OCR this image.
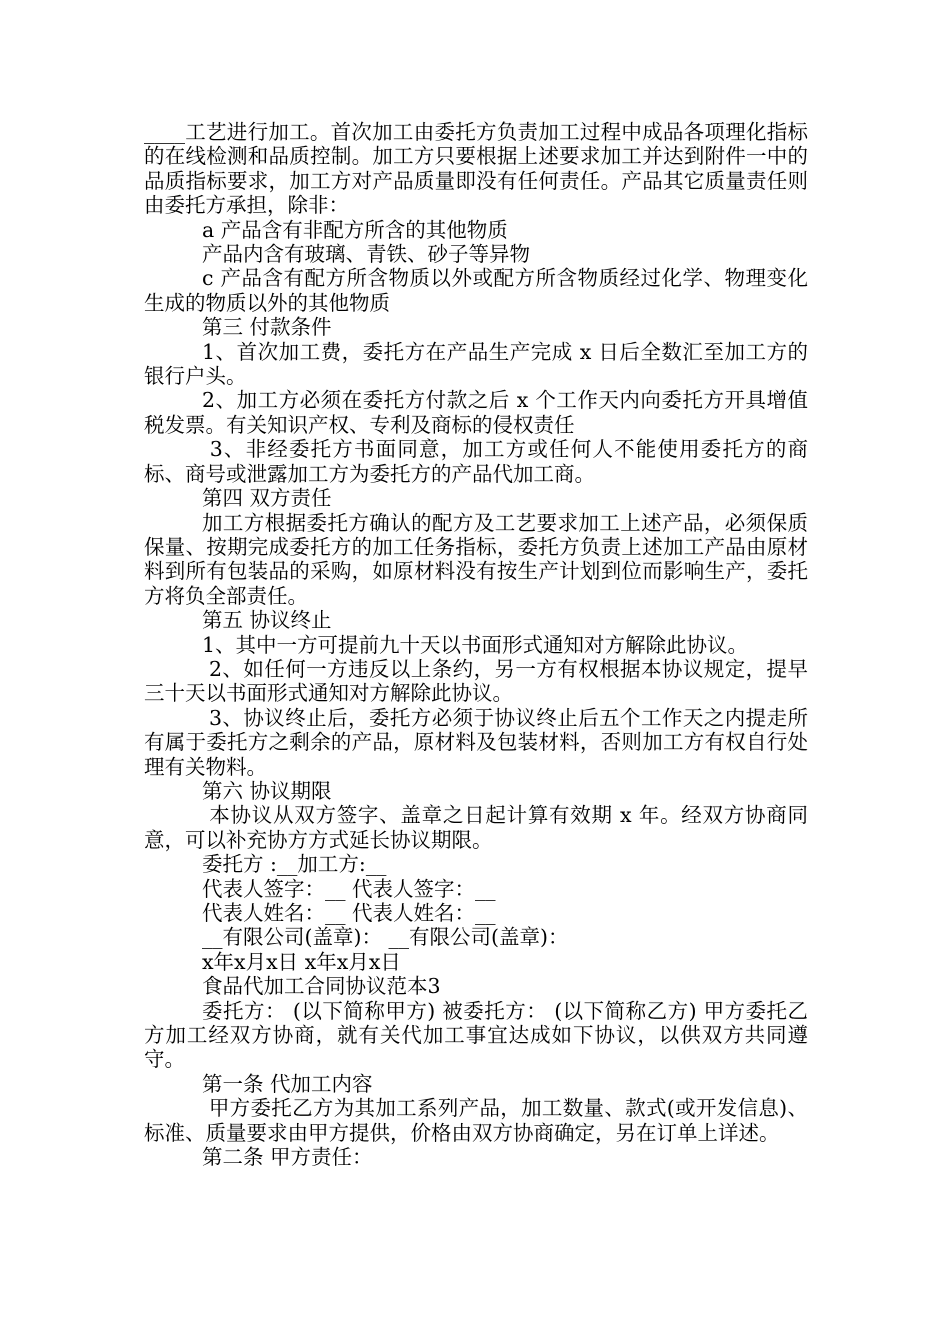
____工艺进行加工。首次加工由委托方负责加工过程中成品各项理化指标的在线检测和品质控制。加工方只要根据上述要求加工并达到附件一中的品质指标要求，加工方对产品质量即没有任何责任。产品其它质量责任则由委托方承担，除非：

a 产品含有非配方所含的其他物质

产品内含有玻璃、青铁、砂子等异物

c 产品含有配方所含物质以外或配方所含物质经过化学、物理变化生成的物质以外的其他物质

第三 付款条件

1、首次加工费，委托方在产品生产完成 x 日后全数汇至加工方的银行户头。

2、加工方必须在委托方付款之后 x 个工作天内向委托方开具增值税发票。有关知识产权、专利及商标的侵权责任

3、非经委托方书面同意，加工方或任何人不能使用委托方的商标、商号或泄露加工方为委托方的产品代加工商。

第四 双方责任

加工方根据委托方确认的配方及工艺要求加工上述产品，必须保质保量、按期完成委托方的加工任务指标，委托方负责上述加工产品由原材料到所有包装品的采购，如原材料没有按生产计划到位而影响生产，委托方将负全部责任。

第五 协议终止

1、其中一方可提前九十天以书面形式通知对方解除此协议。

2、如任何一方违反以上条约，另一方有权根据本协议规定，提早三十天以书面形式通知对方解除此协议。

3、协议终止后，委托方必须于协议终止后五个工作天之内提走所有属于委托方之剩余的产品，原材料及包装材料，否则加工方有权自行处理有关物料。

第六 协议期限

本协议从双方签字、盖章之日起计算有效期 x 年。经双方协商同意，可以补充协方方式延长协议期限。

委托方 :__加工方:__

代表人签字：__ 代表人签字：__

代表人姓名：__ 代表人姓名：__

__有限公司(盖章)： __有限公司(盖章)：

x年x月x日 x年x月x日

食品代加工合同协议范本3

委托方： (以下简称甲方) 被委托方： (以下简称乙方) 甲方委托乙方加工经双方协商，就有关代加工事宜达成如下协议，以供双方共同遵守。

第一条 代加工内容

甲方委托乙方为其加工系列产品，加工数量、款式(或开发信息)、标准、质量要求由甲方提供，价格由双方协商确定，另在订单上详述。

第二条 甲方责任：
